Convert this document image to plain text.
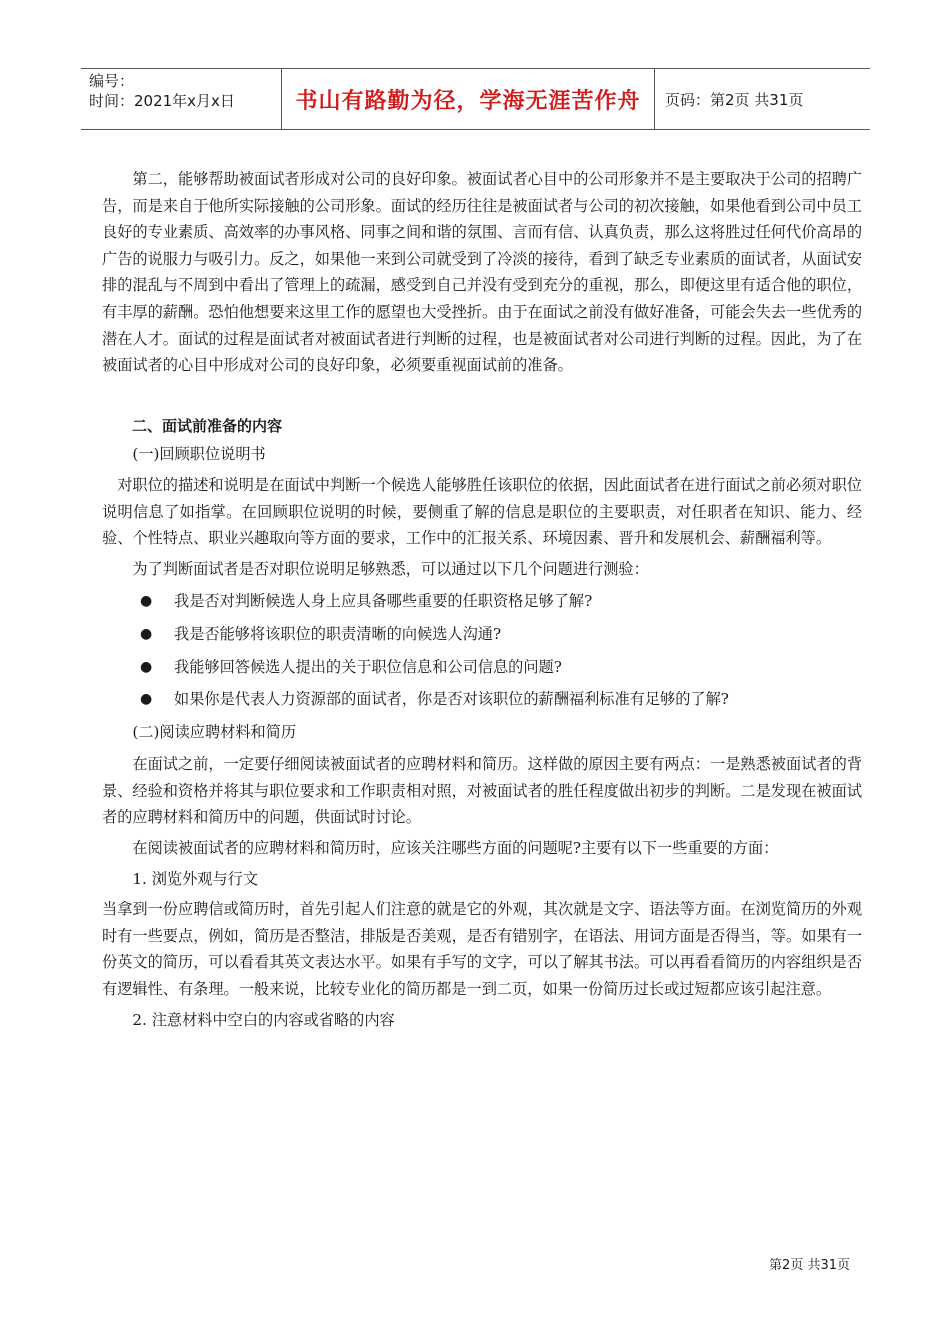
编号：
时间：2021年x月x日	书山有路勤为径，学海无涯苦作舟	页码：第2页 共31页

第二，能够帮助被面试者形成对公司的良好印象。被面试者心目中的公司形象并不是主要取决于公司的招聘广告，而是来自于他所实际接触的公司形象。面试的经历往往是被面试者与公司的初次接触，如果他看到公司中员工良好的专业素质、高效率的办事风格、同事之间和谐的氛围、言而有信、认真负责，那么这将胜过任何代价高昂的广告的说服力与吸引力。反之，如果他一来到公司就受到了冷淡的接待，看到了缺乏专业素质的面试者，从面试安排的混乱与不周到中看出了管理上的疏漏，感受到自己并没有受到充分的重视，那么，即便这里有适合他的职位，有丰厚的薪酬。恐怕他想要来这里工作的愿望也大受挫折。由于在面试之前没有做好准备，可能会失去一些优秀的潜在人才。面试的过程是面试者对被面试者进行判断的过程，也是被面试者对公司进行判断的过程。因此，为了在被面试者的心目中形成对公司的良好印象，必须要重视面试前的准备。

二、面试前准备的内容

(一)回顾职位说明书

对职位的描述和说明是在面试中判断一个候选人能够胜任该职位的依据，因此面试者在进行面试之前必须对职位说明信息了如指掌。在回顾职位说明的时候，要侧重了解的信息是职位的主要职责，对任职者在知识、能力、经验、个性特点、职业兴趣取向等方面的要求，工作中的汇报关系、环境因素、晋升和发展机会、薪酬福利等。

为了判断面试者是否对职位说明足够熟悉，可以通过以下几个问题进行测验：

●	我是否对判断候选人身上应具备哪些重要的任职资格足够了解?
●	我是否能够将该职位的职责清晰的向候选人沟通?
●	我能够回答候选人提出的关于职位信息和公司信息的问题?
●	如果你是代表人力资源部的面试者，你是否对该职位的薪酬福利标准有足够的了解?

(二)阅读应聘材料和简历

在面试之前，一定要仔细阅读被面试者的应聘材料和简历。这样做的原因主要有两点：一是熟悉被面试者的背景、经验和资格并将其与职位要求和工作职责相对照，对被面试者的胜任程度做出初步的判断。二是发现在被面试者的应聘材料和简历中的问题，供面试时讨论。

在阅读被面试者的应聘材料和简历时，应该关注哪些方面的问题呢?主要有以下一些重要的方面：

1. 浏览外观与行文

当拿到一份应聘信或简历时，首先引起人们注意的就是它的外观，其次就是文字、语法等方面。在浏览简历的外观时有一些要点，例如，简历是否整洁，排版是否美观，是否有错别字，在语法、用词方面是否得当，等。如果有一份英文的简历，可以看看其英文表达水平。如果有手写的文字，可以了解其书法。可以再看看简历的内容组织是否有逻辑性、有条理。一般来说，比较专业化的简历都是一到二页，如果一份简历过长或过短都应该引起注意。

2. 注意材料中空白的内容或省略的内容

第2页 共31页
